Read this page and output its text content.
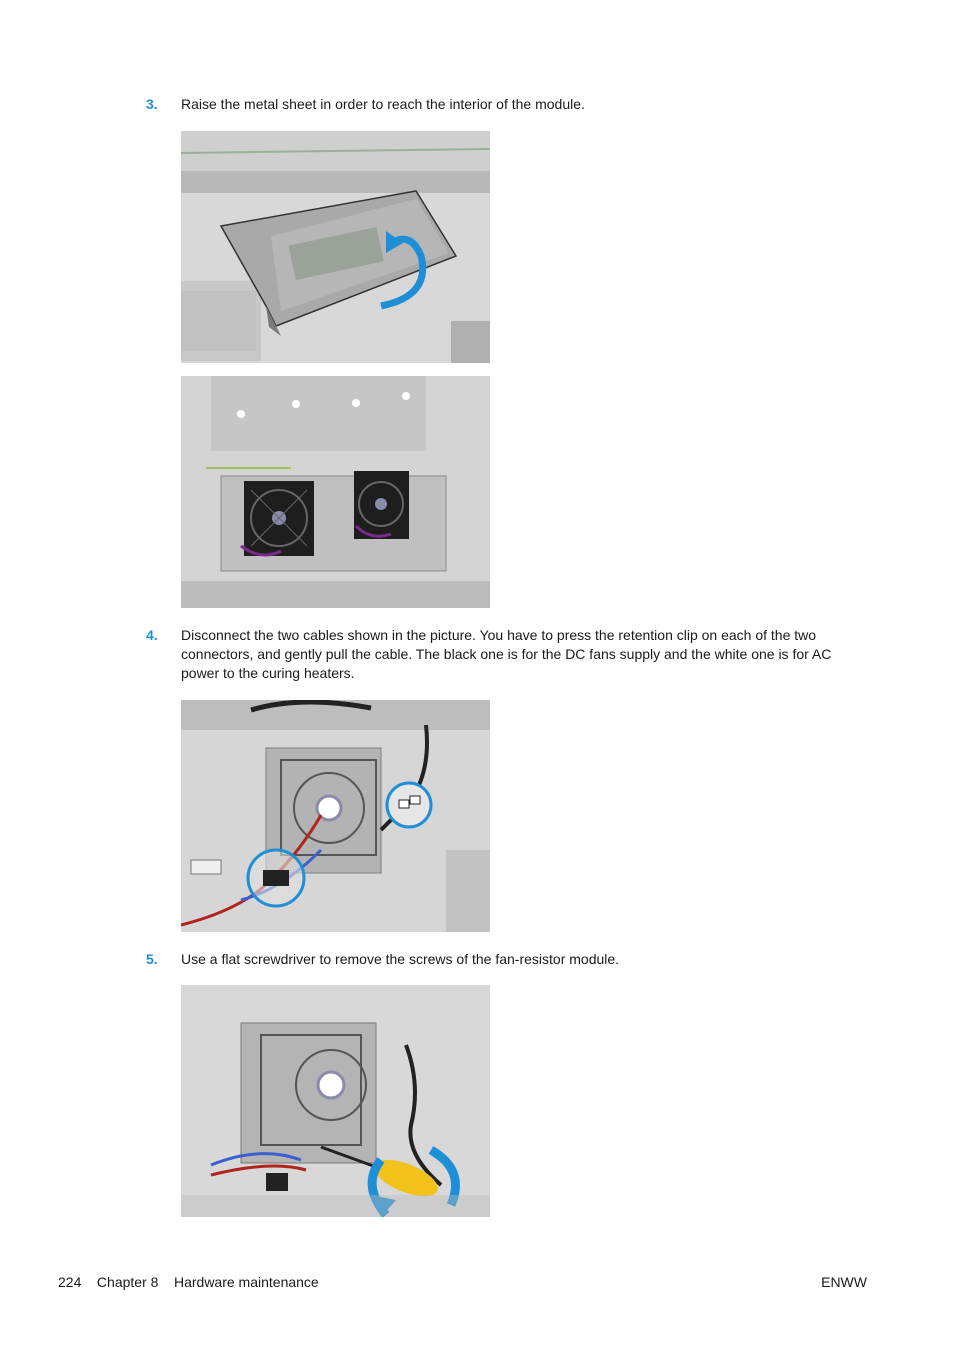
3. Raise the metal sheet in order to reach the interior of the module.
4. Disconnect the two cables shown in the picture. You have to press the retention clip on each of the two connectors, and gently pull the cable. The black one is for the DC fans supply and the white one is for AC power to the curing heaters.
5. Use a flat screwdriver to remove the screws of the fan-resistor module.
224 Chapter 8 Hardware maintenance	ENWW
